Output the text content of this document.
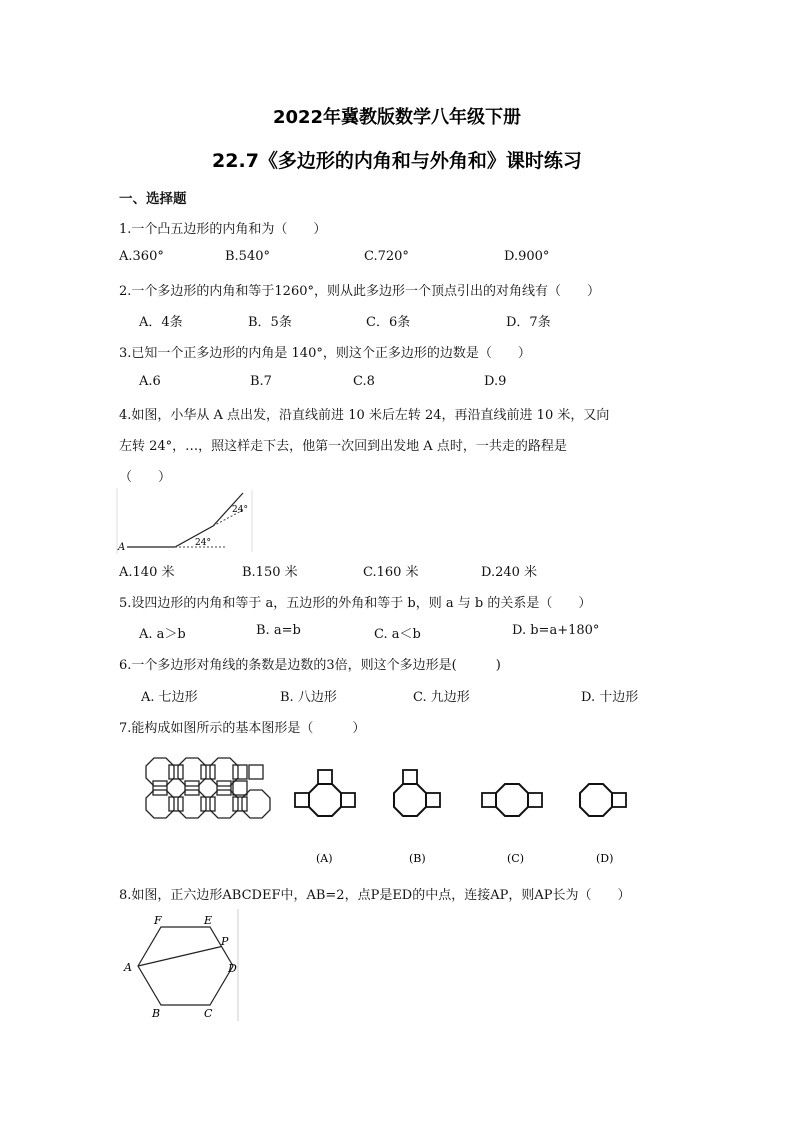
2022年冀教版数学八年级下册
22.7《多边形的内角和与外角和》课时练习
一、选择题
1.一个凸五边形的内角和为（　　）
A.360°	B.540°	C.720°	D.900°
2.一个多边形的内角和等于1260°，则从此多边形一个顶点引出的对角线有（　　）
A．4条	B．5条	C．6条	D．7条
3.已知一个正多边形的内角是 140°，则这个正多边形的边数是（　　）
A.6	B.7	C.8	D.9
4.如图，小华从 A 点出发，沿直线前进 10 米后左转 24，再沿直线前进 10 米，又向
左转 24°，…，照这样走下去，他第一次回到出发地 A 点时，一共走的路程是
（　　）
A	24°
24°
A.140 米	B.150 米	C.160 米	D.240 米
5.设四边形的内角和等于 a，五边形的外角和等于 b，则 a 与 b 的关系是（　　）
A. a＞b	B. a=b	C. a＜b	D. b=a+180°
6.一个多边形对角线的条数是边数的3倍，则这个多边形是(　　　)
A. 七边形	B. 八边形	C. 九边形	D. 十边形
7.能构成如图所示的基本图形是（　　　）
(A)	(B)	(C)	(D)
8.如图，正六边形ABCDEF中，AB=2，点P是ED的中点，连接AP，则AP长为（　　）
A
B	C
D
E
F
P
